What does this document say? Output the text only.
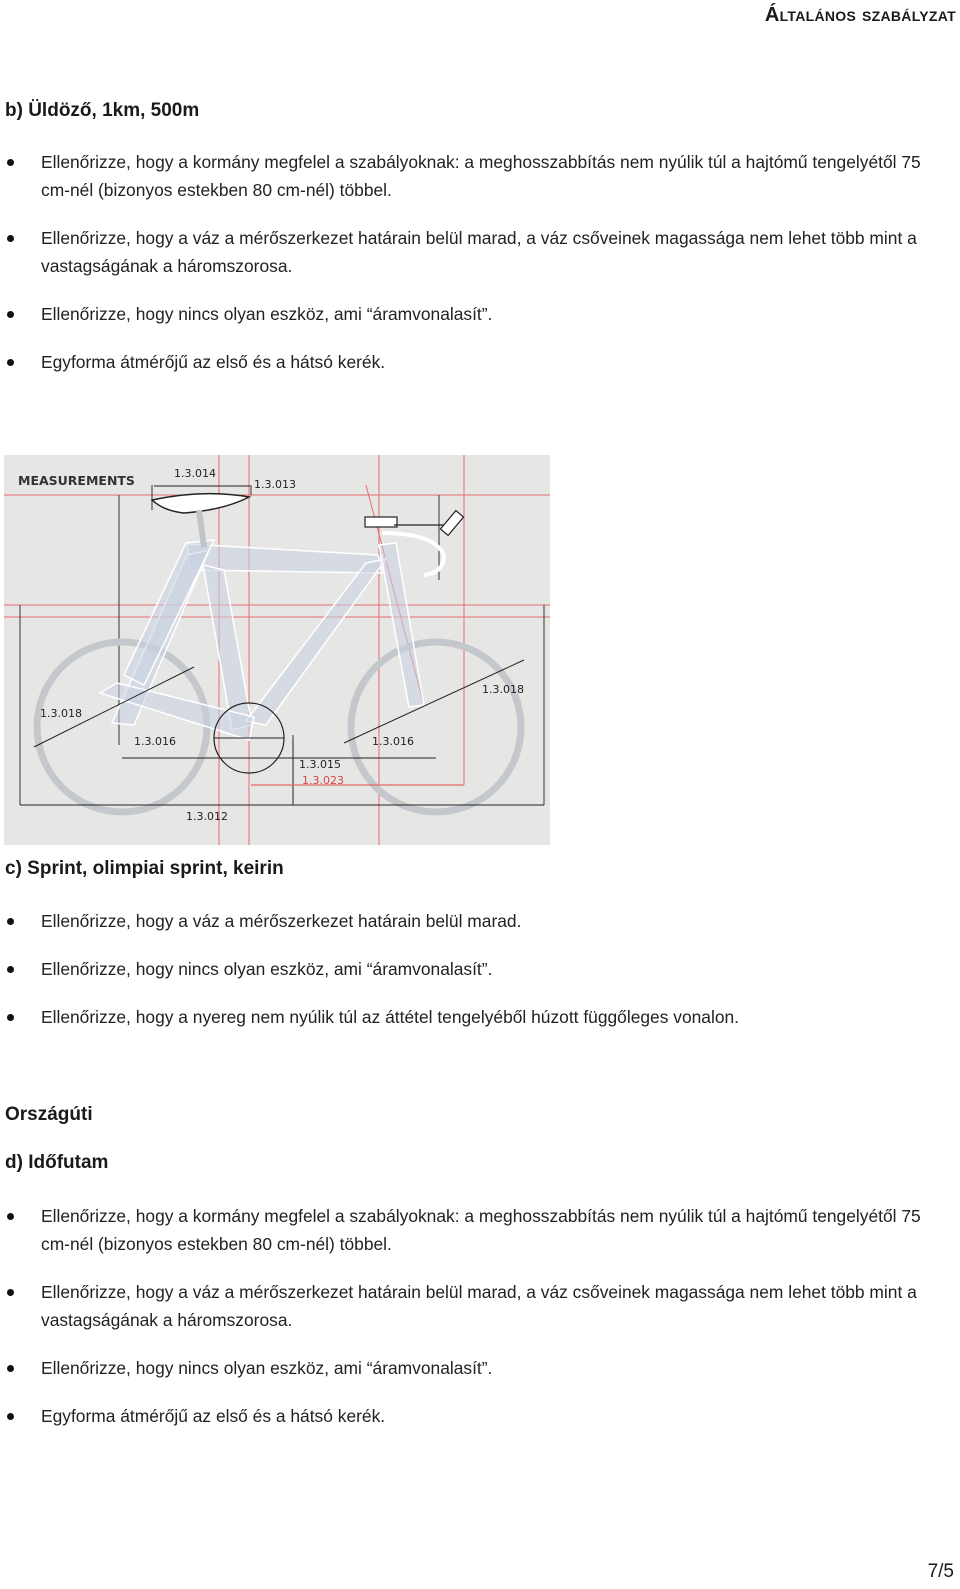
Általános szabályzat
b) Üldöző, 1km, 500m
Ellenőrizze, hogy a kormány megfelel a szabályoknak: a meghosszabbítás nem nyúlik túl a hajtómű tengelyétől 75 cm-nél (bizonyos estekben 80 cm-nél) többel.
Ellenőrizze, hogy a váz a mérőszerkezet határain belül marad, a váz csőveinek magassága nem lehet több mint a vastagságának a háromszorosa.
Ellenőrizze, hogy nincs olyan eszköz, ami “áramvonalasít”.
Egyforma átmérőjű az első és a hátsó kerék.
MEASUREMENTS	1.3.014
1.3.013
1.3.018
1.3.018
1.3.016	1.3.016
1.3.015
1.3.023
1.3.012
c) Sprint, olimpiai sprint, keirin
Ellenőrizze, hogy a váz a mérőszerkezet határain belül marad.
Ellenőrizze, hogy nincs olyan eszköz, ami “áramvonalasít”.
Ellenőrizze, hogy a nyereg nem nyúlik túl az áttétel tengelyéből húzott függőleges vonalon.
Országúti
d) Időfutam
Ellenőrizze, hogy a kormány megfelel a szabályoknak: a meghosszabbítás nem nyúlik túl a hajtómű tengelyétől 75 cm-nél (bizonyos estekben 80 cm-nél) többel.
Ellenőrizze, hogy a váz a mérőszerkezet határain belül marad, a váz csőveinek magassága nem lehet több mint a vastagságának a háromszorosa.
Ellenőrizze, hogy nincs olyan eszköz, ami “áramvonalasít”.
Egyforma átmérőjű az első és a hátsó kerék.
7/5
